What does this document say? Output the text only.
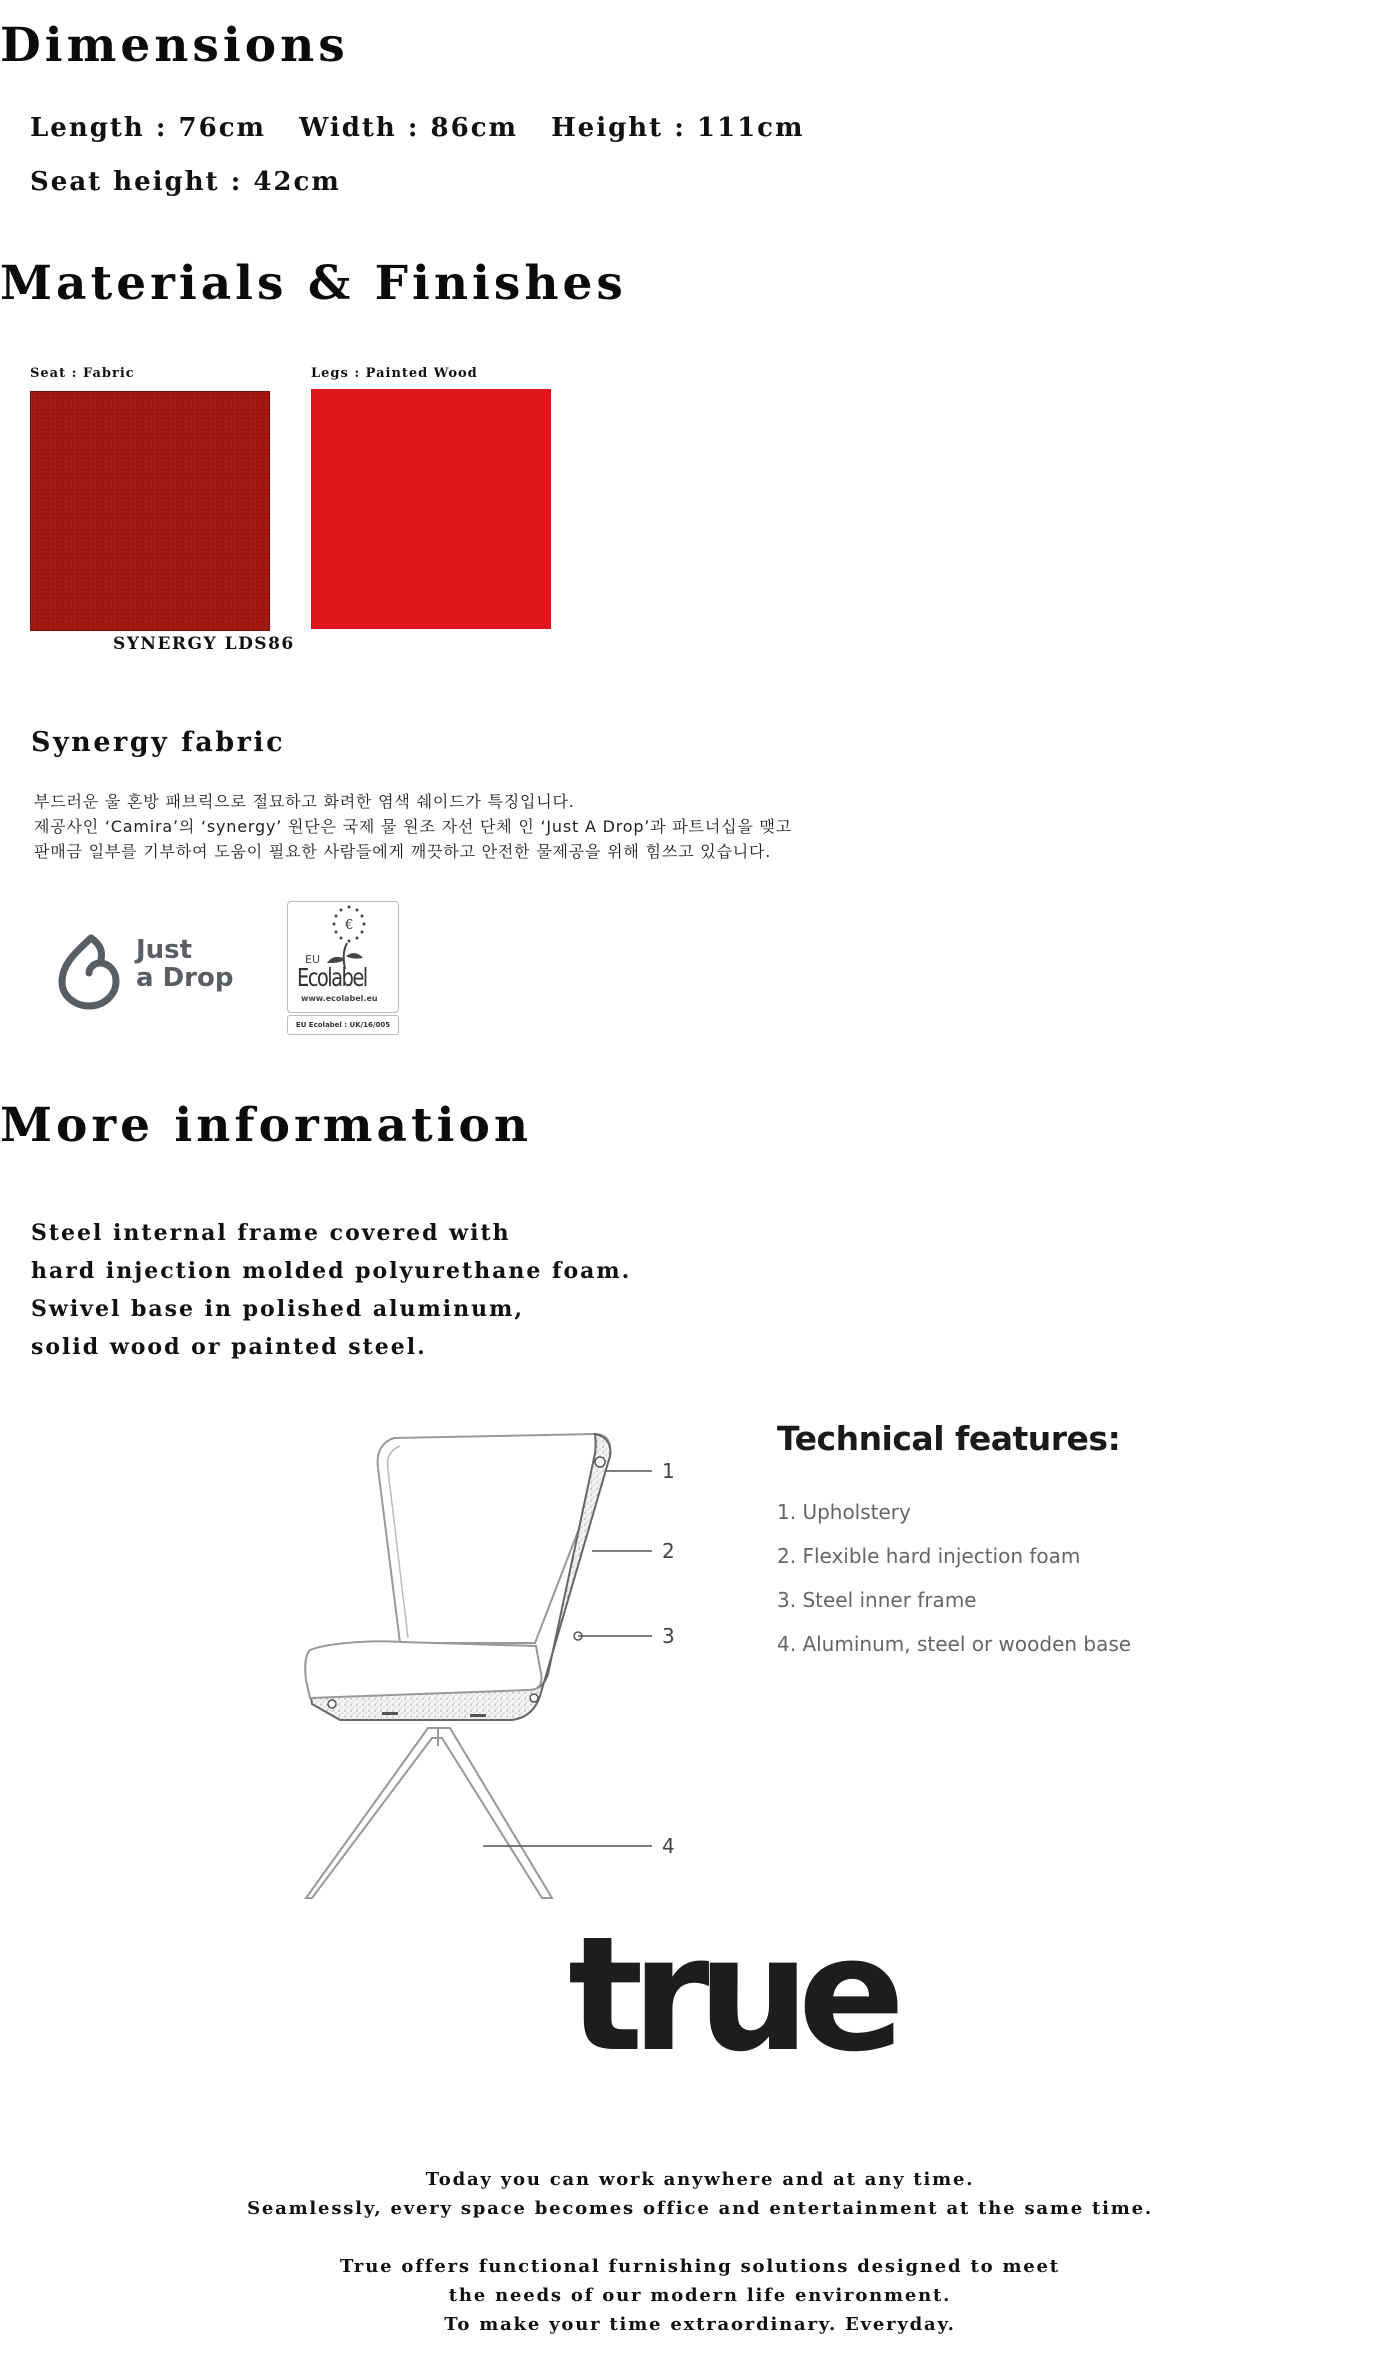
Dimensions
Length : 76cm Width : 86cm Height : 111cm
Seat height : 42cm
Materials & Finishes
Seat : Fabric	Legs : Painted Wood
SYNERGY LDS86
Synergy fabric
부드러운 울 혼방 패브릭으로 절묘하고 화려한 염색 쉐이드가 특징입니다.
제공사인 ‘Camira’의 ‘synergy’ 원단은 국제 물 원조 자선 단체 인 ‘Just A Drop’과 파트너십을 맺고
판매금 일부를 기부하여 도움이 필요한 사람들에게 깨끗하고 안전한 물제공을 위해 힘쓰고 있습니다.
Just
a Drop
€
EU
Ecolabel
www.ecolabel.eu
EU Ecolabel : UK/16/005
More information
Steel internal frame covered with
hard injection molded polyurethane foam.
Swivel base in polished aluminum,
solid wood or painted steel.
1
2
3
4
Technical features:
1. Upholstery
2. Flexible hard injection foam
3. Steel inner frame
4. Aluminum, steel or wooden base
true
Today you can work anywhere and at any time.
Seamlessly, every space becomes office and entertainment at the same time.
True offers functional furnishing solutions designed to meet
the needs of our modern life environment.
To make your time extraordinary. Everyday.
